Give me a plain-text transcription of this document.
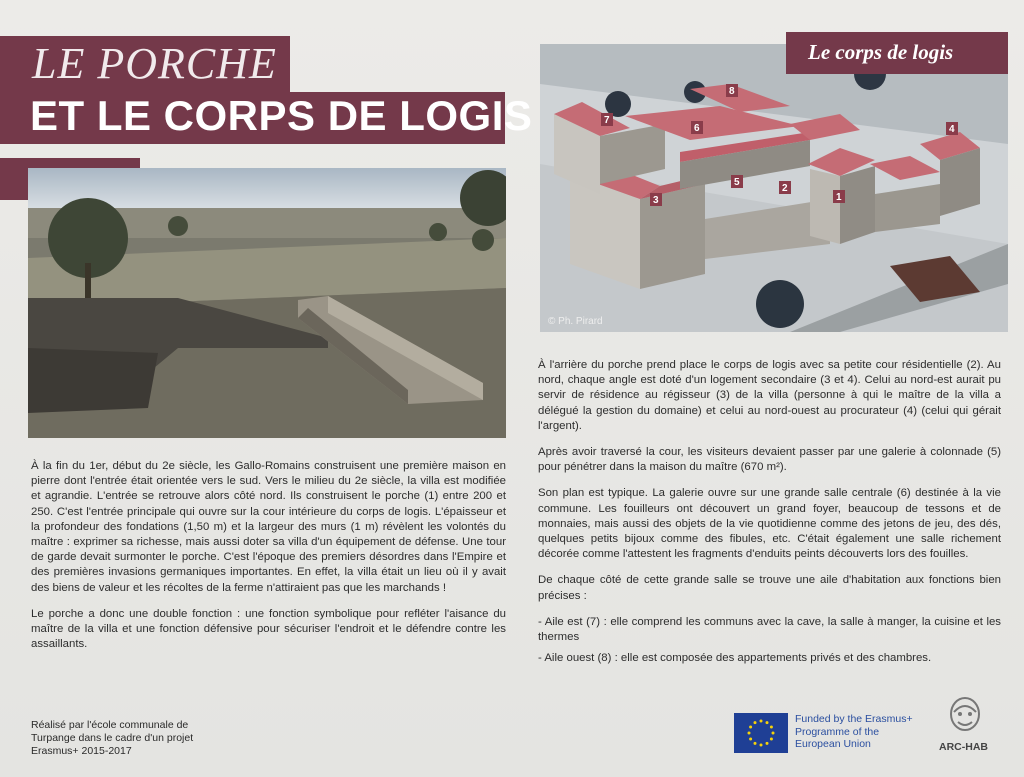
LE PORCHE
ET LE CORPS DE LOGIS
1
2
3
4
5
6
7
8
© Ph. Pirard
Le corps de logis

À la fin du 1er, début du 2e siècle, les Gallo-Romains construisent une première maison en pierre dont l'entrée était orientée vers le sud. Vers le milieu du 2e siècle, la villa est modifiée et agrandie. L'entrée se retrouve alors côté nord. Ils construisent le porche (1) entre 200 et 250. C'est l'entrée principale qui ouvre sur la cour intérieure du corps de logis. L'épaisseur et la profondeur des fondations (1,50 m) et la largeur des murs (1 m) révèlent les volontés du maître : exprimer sa richesse, mais aussi doter sa villa d'un équipement de défense. Une tour de garde devait surmonter le porche. C'est l'époque des premiers désordres dans l'Empire et des premières invasions germaniques importantes. En effet, la villa était un lieu où il y avait des biens de valeur et les récoltes de la ferme n'attiraient pas que les marchands !

Le porche a donc une double fonction : une fonction symbolique pour refléter l'aisance du maître de la villa et une fonction défensive pour sécuriser l'endroit et le défendre contre les assaillants.

À l'arrière du porche prend place le corps de logis avec sa petite cour résidentielle (2). Au nord, chaque angle est doté d'un logement secondaire (3 et 4). Celui au nord-est aurait pu servir de résidence au régisseur (3) de la villa (personne à qui le maître de la villa a délégué la gestion du domaine) et celui au nord-ouest au procurateur (4) (celui qui gérait l'argent).

Après avoir traversé la cour, les visiteurs devaient passer par une galerie à colonnade (5) pour pénétrer dans la maison du maître (670 m²).

Son plan est typique. La galerie ouvre sur une grande salle centrale (6) destinée à la vie commune. Les fouilleurs ont découvert un grand foyer, beaucoup de tessons et de monnaies, mais aussi des objets de la vie quotidienne comme des jetons de jeu, des dés, quelques petits bijoux comme des fibules, etc. C'était également une salle richement décorée comme l'attestent les fragments d'enduits peints découverts lors des fouilles.

De chaque côté de cette grande salle se trouve une aile d'habitation aux fonctions bien précises :

- Aile est (7) : elle comprend les communs avec la cave, la salle à manger, la cuisine et les thermes
- Aile ouest (8) : elle est composée des appartements privés et des chambres.
Réalisé par l'école communale de Turpange dans le cadre d'un projet Erasmus+ 2015-2017
Funded by the Erasmus+ Programme of the European Union	ARC-HAB
